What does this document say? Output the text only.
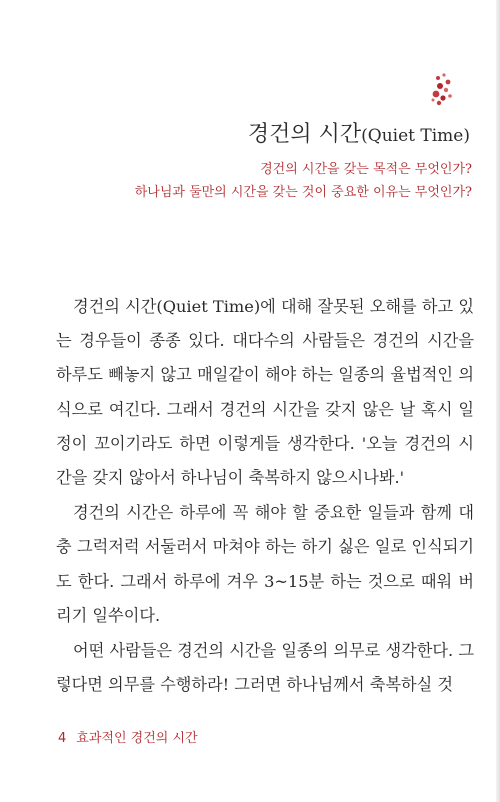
경건의 시간(Quiet Time)
경건의 시간을 갖는 목적은 무엇인가?
하나님과 둘만의 시간을 갖는 것이 중요한 이유는 무엇인가?

경건의 시간(Quiet Time)에 대해 잘못된 오해를 하고 있는 경우들이 종종 있다. 대다수의 사람들은 경건의 시간을 하루도 빼놓지 않고 매일같이 해야 하는 일종의 율법적인 의식으로 여긴다. 그래서 경건의 시간을 갖지 않은 날 혹시 일정이 꼬이기라도 하면 이렇게들 생각한다. '오늘 경건의 시간을 갖지 않아서 하나님이 축복하지 않으시나봐.'

경건의 시간은 하루에 꼭 해야 할 중요한 일들과 함께 대충 그럭저럭 서둘러서 마쳐야 하는 하기 싫은 일로 인식되기도 한다. 그래서 하루에 겨우 3~15분 하는 것으로 때워 버리기 일쑤이다.

어떤 사람들은 경건의 시간을 일종의 의무로 생각한다. 그렇다면 의무를 수행하라! 그러면 하나님께서 축복하실 것

4 효과적인 경건의 시간
